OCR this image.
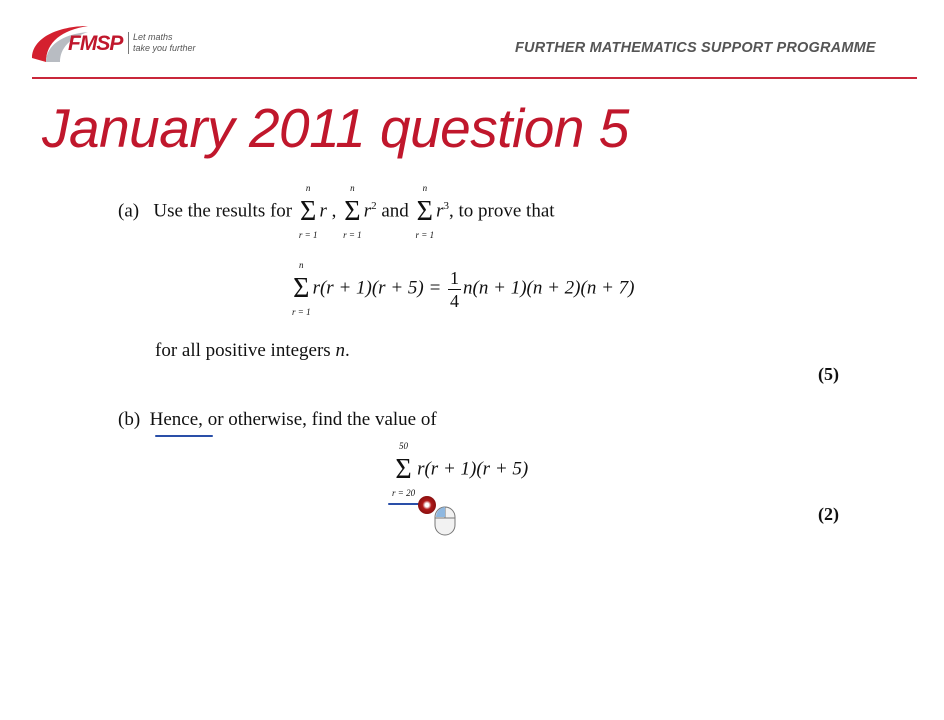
FMSP Let maths
take you further	FURTHER MATHEMATICS SUPPORT PROGRAMME
January 2011 question 5
(a) Use the results for
n
Σ
r = 1
r ,
n
Σ
r = 1
$r^2$ and
n
Σ
r = 1
$r^3$, to prove that
n
Σ
r = 1
$r(r + 1)(r + 5) = \frac{1}{4} n(n + 1)(n + 2)(n + 7)$
for all positive integers n.
(5)
(b) Hence, or otherwise, find the value of
50
Σ
r = 20
r(r + 1)(r + 5)
(2)
